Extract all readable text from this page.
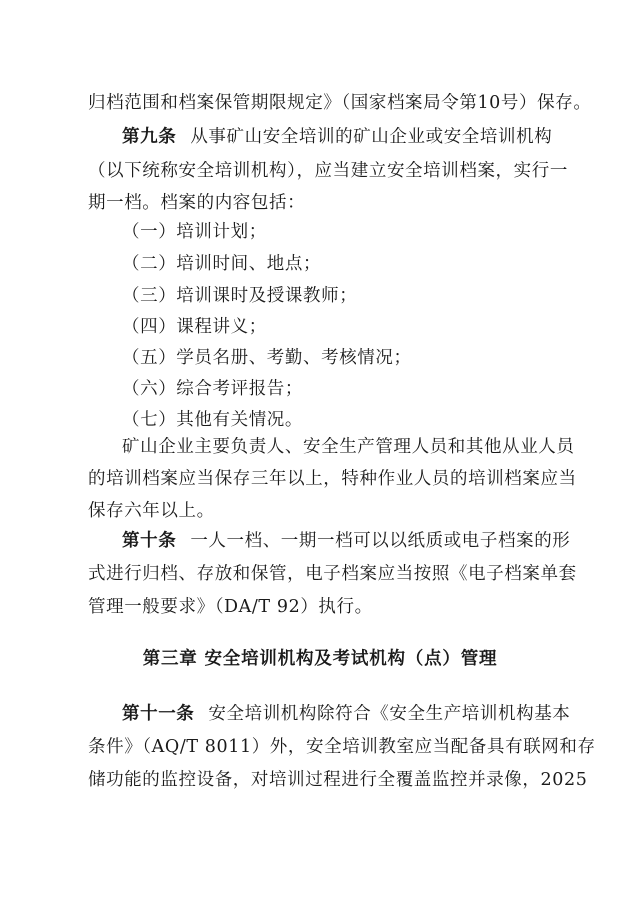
归档范围和档案保管期限规定》（国家档案局令第10号）保存。
第九条 从事矿山安全培训的矿山企业或安全培训机构
（以下统称安全培训机构），应当建立安全培训档案，实行一
期一档。档案的内容包括：
（一）培训计划；
（二）培训时间、地点；
（三）培训课时及授课教师；
（四）课程讲义；
（五）学员名册、考勤、考核情况；
（六）综合考评报告；
（七）其他有关情况。
矿山企业主要负责人、安全生产管理人员和其他从业人员
的培训档案应当保存三年以上，特种作业人员的培训档案应当
保存六年以上。
第十条 一人一档、一期一档可以以纸质或电子档案的形
式进行归档、存放和保管，电子档案应当按照《电子档案单套
管理一般要求》（DA/T 92）执行。
第三章 安全培训机构及考试机构（点）管理
第十一条 安全培训机构除符合《安全生产培训机构基本
条件》（AQ/T 8011）外，安全培训教室应当配备具有联网和存
储功能的监控设备，对培训过程进行全覆盖监控并录像，2025
